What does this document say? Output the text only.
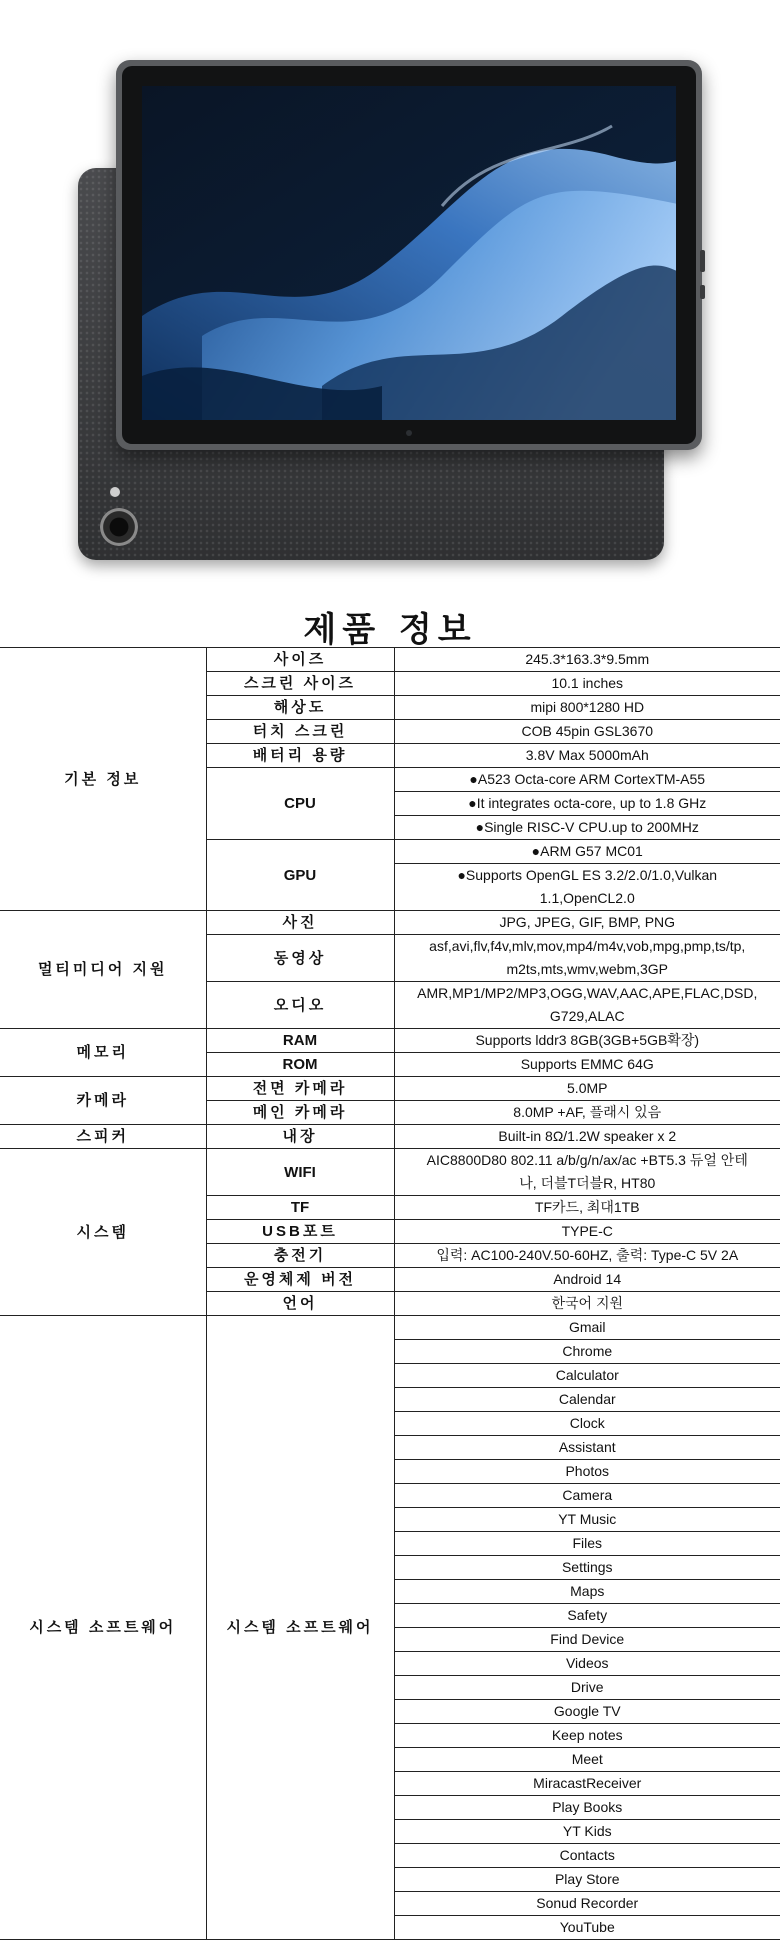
제품 정보
기본 정보	사이즈	245.3*163.3*9.5mm
	스크린 사이즈	10.1 inches
	해상도	mipi 800*1280 HD
	터치 스크린	COB 45pin GSL3670
	배터리 용량	3.8V Max 5000mAh
	CPU	●A523 Octa-core ARM CortexTM-A55
		●It integrates octa-core, up to 1.8 GHz
		●Single RISC-V CPU.up to 200MHz
	GPU	●ARM G57 MC01
		●Supports OpenGL ES 3.2/2.0/1.0,Vulkan

		1.1,OpenCL2.0
멀티미디어 지원	사진	JPG, JPEG, GIF, BMP, PNG
	동영상	asf,avi,flv,f4v,mlv,mov,mp4/m4v,vob,mpg,pmp,ts/tp,
		m2ts,mts,wmv,webm,3GP
	오디오	AMR,MP1/MP2/MP3,OGG,WAV,AAC,APE,FLAC,DSD,
		G729,ALAC
메모리	RAM	Supports lddr3 8GB(3GB+5GB확장)
	ROM	Supports EMMC 64G
카메라	전면 카메라	5.0MP
	메인 카메라	8.0MP +AF, 플래시 있음
스피커	내장	Built-in 8Ω/1.2W speaker x 2
시스템	WIFI	AIC8800D80 802.11 a/b/g/n/ax/ac +BT5.3 듀얼 안테
		나, 더블T더블R, HT80
	TF	TF카드, 최대1TB
	USB포트	TYPE-C
	충전기	입력: AC100-240V.50-60HZ, 출력: Type-C 5V 2A
	운영체제 버전	Android 14
	언어	한국어 지원
시스템 소프트웨어	시스템 소프트웨어	Gmail
		Chrome
		Calculator
		Calendar
		Clock
		Assistant
		Photos
		Camera
		YT Music
		Files
		Settings
		Maps
		Safety
		Find Device
		Videos
		Drive
		Google TV
		Keep notes
		Meet
		MiracastReceiver
		Play Books
		YT Kids
		Contacts
		Play Store
		Sonud Recorder
		YouTube
